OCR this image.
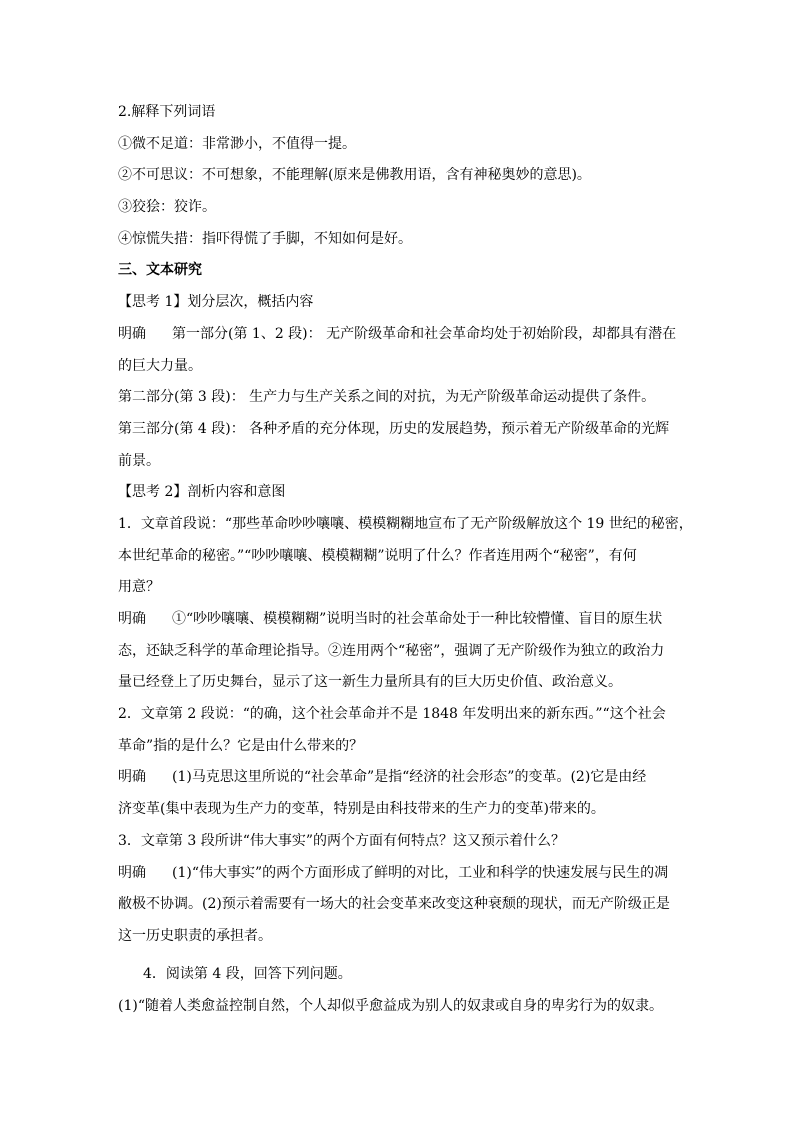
2.解释下列词语
①微不足道：非常渺小，不值得一提。
②不可思议：不可想象，不能理解(原来是佛教用语，含有神秘奥妙的意思)。
③狡狯：狡诈。
④惊慌失措：指吓得慌了手脚，不知如何是好。
三、文本研究
【思考 1】划分层次，概括内容
明确 第一部分(第 1、2 段)： 无产阶级革命和社会革命均处于初始阶段，却都具有潜在
的巨大力量。
第二部分(第 3 段)： 生产力与生产关系之间的对抗，为无产阶级革命运动提供了条件。
第三部分(第 4 段)： 各种矛盾的充分体现，历史的发展趋势，预示着无产阶级革命的光辉
前景。
【思考 2】剖析内容和意图
1．文章首段说：“那些革命吵吵嚷嚷、模模糊糊地宣布了无产阶级解放这个 19 世纪的秘密，
本世纪革命的秘密。”“吵吵嚷嚷、模模糊糊”说明了什么？作者连用两个“秘密”，有何
用意？
明确 ①“吵吵嚷嚷、模模糊糊”说明当时的社会革命处于一种比较懵懂、盲目的原生状
态，还缺乏科学的革命理论指导。②连用两个“秘密”，强调了无产阶级作为独立的政治力
量已经登上了历史舞台，显示了这一新生力量所具有的巨大历史价值、政治意义。
2．文章第 2 段说：“的确，这个社会革命并不是 1848 年发明出来的新东西。”“这个社会
革命”指的是什么？它是由什么带来的？
明确 (1)马克思这里所说的“社会革命”是指“经济的社会形态”的变革。(2)它是由经
济变革(集中表现为生产力的变革，特别是由科技带来的生产力的变革)带来的。
3．文章第 3 段所讲“伟大事实”的两个方面有何特点？这又预示着什么？
明确 (1)“伟大事实”的两个方面形成了鲜明的对比，工业和科学的快速发展与民生的凋
敝极不协调。(2)预示着需要有一场大的社会变革来改变这种衰颓的现状，而无产阶级正是
这一历史职责的承担者。
4．阅读第 4 段，回答下列问题。
(1)“随着人类愈益控制自然，个人却似乎愈益成为别人的奴隶或自身的卑劣行为的奴隶。
